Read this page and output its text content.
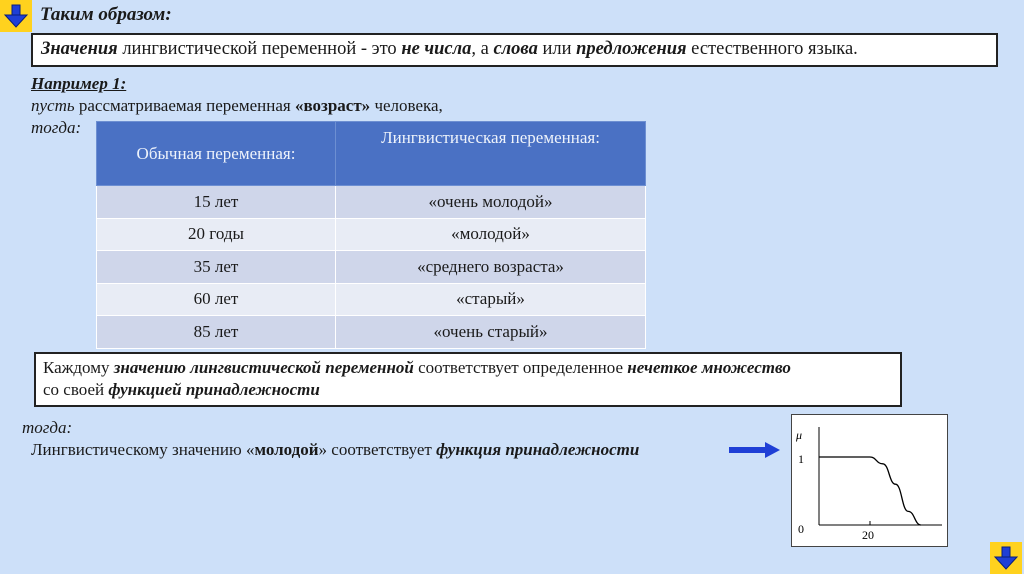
Таким образом:
Значения лингвистической переменной - это не числа, а слова или предложения естественного языка.
Например 1:
пусть рассматриваемая переменная «возраст» человека,
тогда:
Обычная переменная:	Лингвистическая переменная:
15 лет	«очень молодой»
20 годы	«молодой»
35 лет	«среднего возраста»
60 лет	«старый»
85 лет	«очень старый»
Каждому значению лингвистической переменной соответствует определенное нечеткое множество
со своей функцией принадлежности
тогда:
Лингвистическому значению «молодой» соответствует функция принадлежности
μ
1
0	20
